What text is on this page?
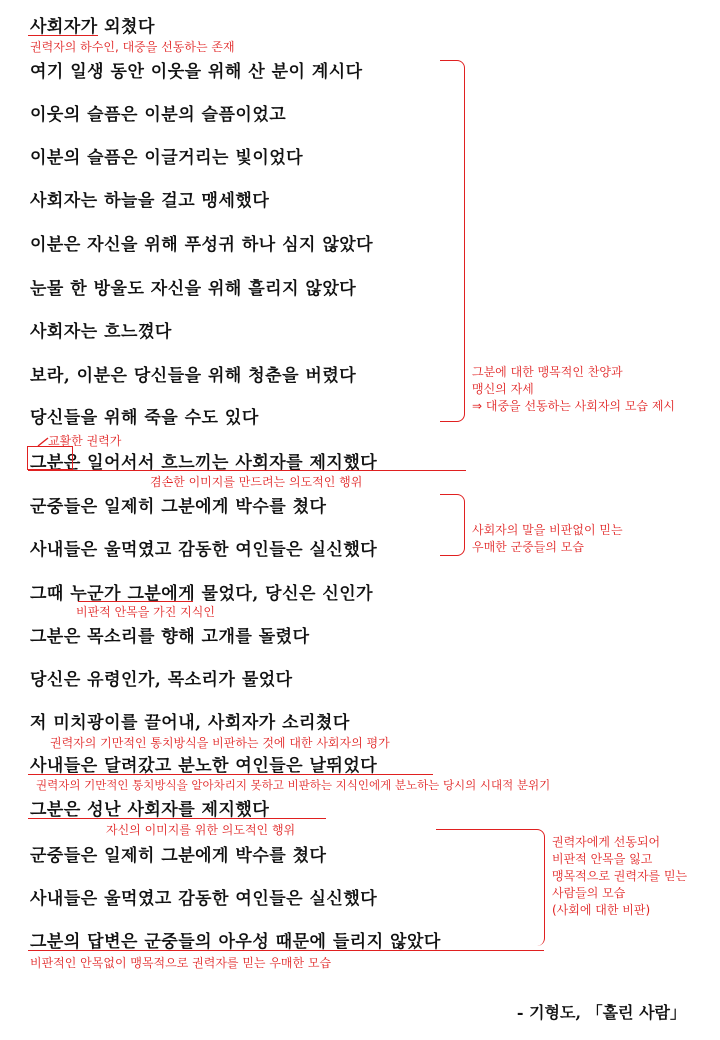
사회자가 외쳤다
여기 일생 동안 이웃을 위해 산 분이 계시다
이웃의 슬픔은 이분의 슬픔이었고
이분의 슬픔은 이글거리는 빛이었다
사회자는 하늘을 걸고 맹세했다
이분은 자신을 위해 푸성귀 하나 심지 않았다
눈물 한 방울도 자신을 위해 흘리지 않았다
사회자는 흐느꼈다
보라, 이분은 당신들을 위해 청춘을 버렸다
당신들을 위해 죽을 수도 있다
그분은 일어서서 흐느끼는 사회자를 제지했다
군중들은 일제히 그분에게 박수를 쳤다
사내들은 울먹였고 감동한 여인들은 실신했다
그때 누군가 그분에게 물었다, 당신은 신인가
그분은 목소리를 향해 고개를 돌렸다
당신은 유령인가, 목소리가 물었다
저 미치광이를 끌어내, 사회자가 소리쳤다
사내들은 달려갔고 분노한 여인들은 날뛰었다
그분은 성난 사회자를 제지했다
군중들은 일제히 그분에게 박수를 쳤다
사내들은 울먹였고 감동한 여인들은 실신했다
그분의 답변은 군중들의 아우성 때문에 들리지 않았다
권력자의 하수인, 대중을 선동하는 존재
그분에 대한 맹목적인 찬양과
맹신의 자세
⇒ 대중을 선동하는 사회자의 모습 제시
교활한 권력가
겸손한 이미지를 만드려는 의도적인 행위
사회자의 말을 비판없이 믿는
우매한 군중들의 모습
비판적 안목을 가진 지식인
권력자의 기만적인 통치방식을 비판하는 것에 대한 사회자의 평가
권력자의 기만적인 통치방식을 알아차리지 못하고 비판하는 지식인에게 분노하는 당시의 시대적 분위기
자신의 이미지를 위한 의도적인 행위
권력자에게 선동되어
비판적 안목을 잃고
맹목적으로 권력자를 믿는
사람들의 모습
(사회에 대한 비판)
비판적인 안목없이 맹목적으로 권력자를 믿는 우매한 모습
- 기형도, 「홀린 사람」
